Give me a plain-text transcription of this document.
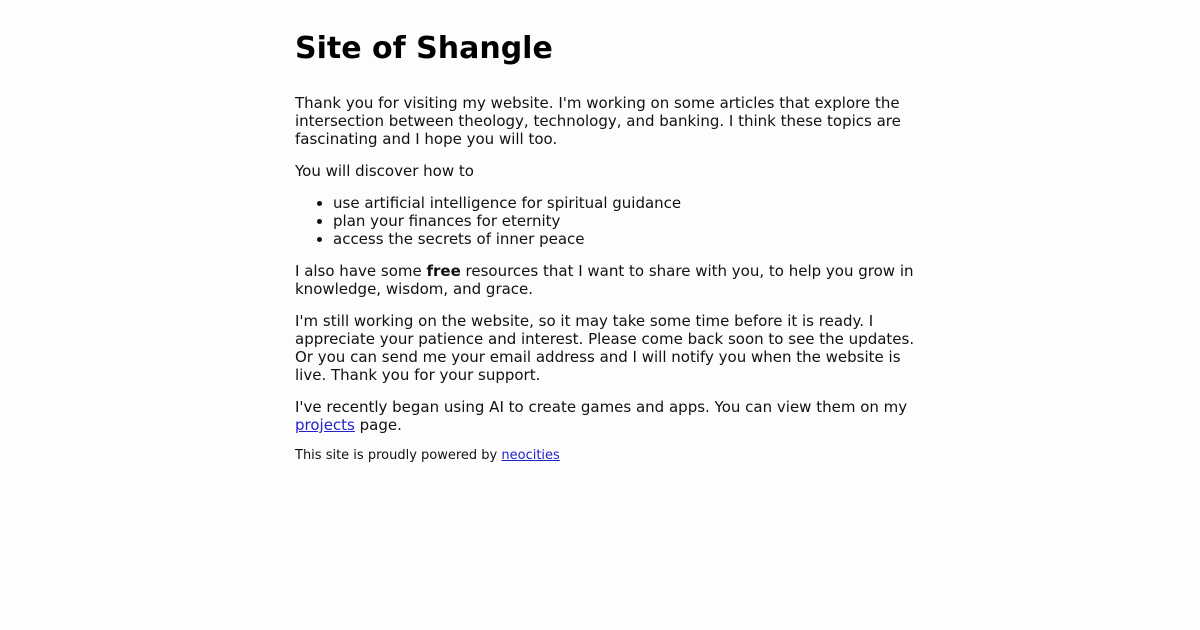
Site of Shangle

Thank you for visiting my website. I'm working on some articles that explore the intersection between theology, technology, and banking. I think these topics are fascinating and I hope you will too.

You will discover how to

• use artificial intelligence for spiritual guidance
• plan your finances for eternity
• access the secrets of inner peace

I also have some free resources that I want to share with you, to help you grow in knowledge, wisdom, and grace.

I'm still working on the website, so it may take some time before it is ready. I appreciate your patience and interest. Please come back soon to see the updates. Or you can send me your email address and I will notify you when the website is live. Thank you for your support.

I've recently began using AI to create games and apps. You can view them on my projects page.

This site is proudly powered by neocities
